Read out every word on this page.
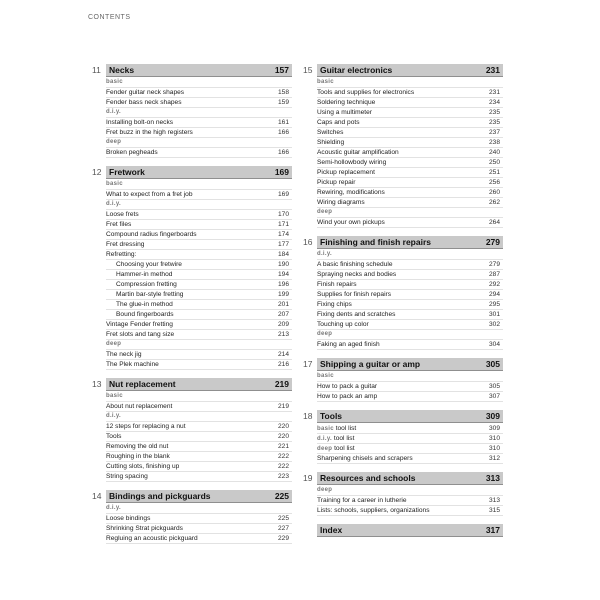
CONTENTS
11 Necks	157
basic
Fender guitar neck shapes	158
Fender bass neck shapes	159
d.i.y.
Installing bolt-on necks	161
Fret buzz in the high registers	166
deep
Broken pegheads	166
12 Fretwork	169
basic
What to expect from a fret job	169
d.i.y.
Loose frets	170
Fret files	171
Compound radius fingerboards	174
Fret dressing	177
Refretting:	184
Choosing your fretwire	190
Hammer-in method	194
Compression fretting	196
Martin bar-style fretting	199
The glue-in method	201
Bound fingerboards	207
Vintage Fender fretting	209
Fret slots and tang size	213
deep
The neck jig	214
The Plek machine	216
13 Nut replacement	219
basic
About nut replacement	219
d.i.y.
12 steps for replacing a nut	220
Tools	220
Removing the old nut	221
Roughing in the blank	222
Cutting slots, finishing up	222
String spacing	223
14 Bindings and pickguards	225
d.i.y.
Loose bindings	225
Shrinking Strat pickguards	227
Regluing an acoustic pickguard	229
15 Guitar electronics	231
basic
Tools and supplies for electronics	231
Soldering technique	234
Using a multimeter	235
Caps and pots	235
Switches	237
Shielding	238
Acoustic guitar amplification	240
Semi-hollowbody wiring	250
Pickup replacement	251
Pickup repair	256
Rewiring, modifications	260
Wiring diagrams	262
deep
Wind your own pickups	264
16 Finishing and finish repairs	279
d.i.y.
A basic finishing schedule	279
Spraying necks and bodies	287
Finish repairs	292
Supplies for finish repairs	294
Fixing chips	295
Fixing dents and scratches	301
Touching up color	302
deep
Faking an aged finish	304
17 Shipping a guitar or amp	305
basic
How to pack a guitar	305
How to pack an amp	307
18 Tools	309
basic tool list	309
d.i.y. tool list	310
deep tool list	310
Sharpening chisels and scrapers	312
19 Resources and schools	313
deep
Training for a career in lutherie	313
Lists: schools, suppliers, organizations	315
Index	317
